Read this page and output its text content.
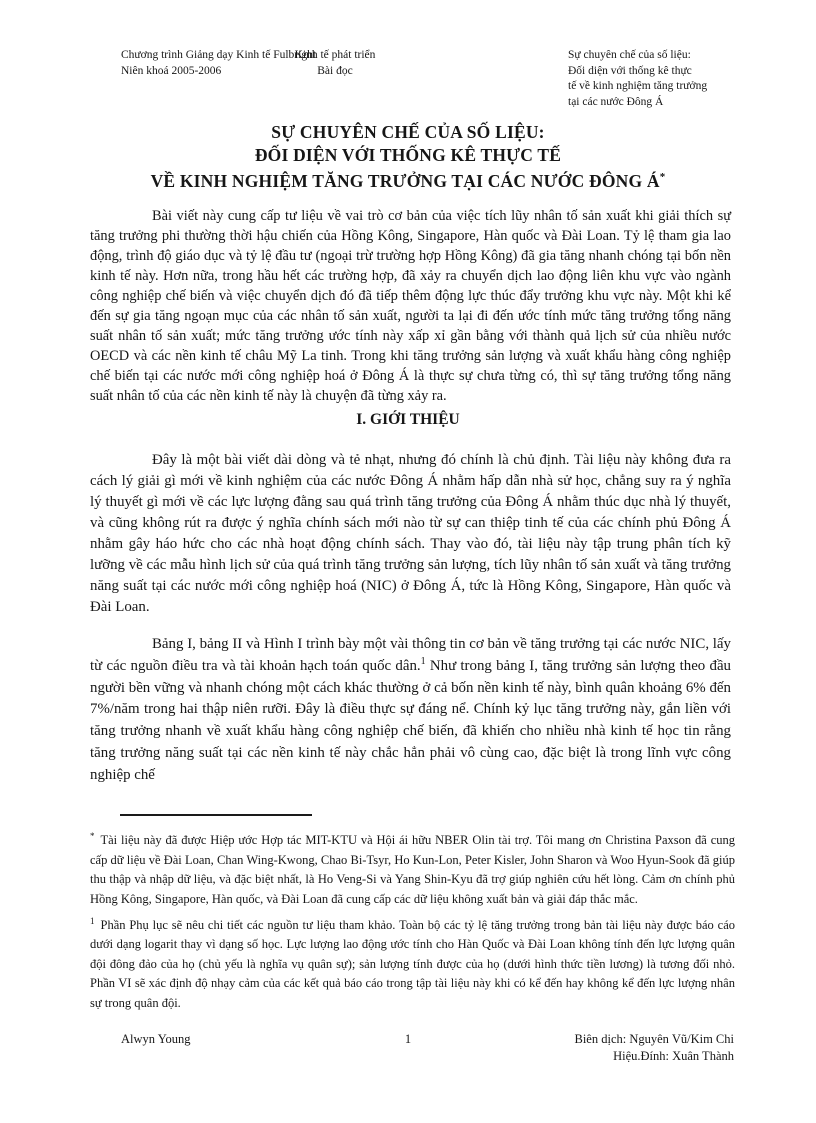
Chương trình Giảng dạy Kinh tế Fulbright
Niên khoá 2005-2006
Kinh tế phát triển
Bài đọc
Sự chuyên chế của số liệu:
Đối diện với thống kê thực
tế về kinh nghiệm tăng trưởng
tại các nước Đông Á
SỰ CHUYÊN CHẾ CỦA SỐ LIỆU:
ĐỐI DIỆN VỚI THỐNG KÊ THỰC TẾ
VỀ KINH NGHIỆM TĂNG TRƯỞNG TẠI CÁC NƯỚC ĐÔNG Á*
Bài viết này cung cấp tư liệu về vai trò cơ bản của việc tích lũy nhân tố sản xuất khi giải thích sự tăng trưởng phi thường thời hậu chiến của Hồng Kông, Singapore, Hàn quốc và Đài Loan. Tỷ lệ tham gia lao động, trình độ giáo dục và tỷ lệ đầu tư (ngoại trừ trường hợp Hồng Kông) đã gia tăng nhanh chóng tại bốn nền kinh tế này. Hơn nữa, trong hầu hết các trường hợp, đã xảy ra chuyển dịch lao động liên khu vực vào ngành công nghiệp chế biến và việc chuyển dịch đó đã tiếp thêm động lực thúc đẩy trưởng khu vực này. Một khi kể đến sự gia tăng ngoạn mục của các nhân tố sản xuất, người ta lại đi đến ước tính mức tăng trưởng tổng năng suất nhân tố sản xuất; mức tăng trưởng ước tính này xấp xỉ gần bằng với thành quả lịch sử của nhiều nước OECD và các nền kinh tế châu Mỹ La tinh. Trong khi tăng trưởng sản lượng và xuất khẩu hàng công nghiệp chế biến tại các nước mới công nghiệp hoá ở Đông Á là thực sự chưa từng có, thì sự tăng trưởng tổng năng suất nhân tố của các nền kinh tế này là chuyện đã từng xảy ra.
I. GIỚI THIỆU

Đây là một bài viết dài dòng và tẻ nhạt, nhưng đó chính là chủ định. Tài liệu này không đưa ra cách lý giải gì mới về kinh nghiệm của các nước Đông Á nhằm hấp dẫn nhà sử học, chẳng suy ra ý nghĩa lý thuyết gì mới về các lực lượng đằng sau quá trình tăng trưởng của Đông Á nhằm thúc dục nhà lý thuyết, và cũng không rút ra được ý nghĩa chính sách mới nào từ sự can thiệp tinh tế của các chính phủ Đông Á nhằm gây háo hức cho các nhà hoạt động chính sách. Thay vào đó, tài liệu này tập trung phân tích kỹ lưỡng về các mẫu hình lịch sử của quá trình tăng trưởng sản lượng, tích lũy nhân tố sản xuất và tăng trưởng năng suất tại các nước mới công nghiệp hoá (NIC) ở Đông Á, tức là Hồng Kông, Singapore, Hàn quốc và Đài Loan.

Bảng I, bảng II và Hình I trình bày một vài thông tin cơ bản về tăng trưởng tại các nước NIC, lấy từ các nguồn điều tra và tài khoản hạch toán quốc dân.$^1$ Như trong bảng I, tăng trưởng sản lượng theo đầu người bền vững và nhanh chóng một cách khác thường ở cả bốn nền kinh tế này, bình quân khoảng 6% đến 7%/năm trong hai thập niên rưỡi. Đây là điều thực sự đáng nể. Chính kỷ lục tăng trưởng này, gắn liền với tăng trưởng nhanh về xuất khẩu hàng công nghiệp chế biến, đã khiến cho nhiều nhà kinh tế học tin rằng tăng trưởng năng suất tại các nền kinh tế này chắc hẳn phải vô cùng cao, đặc biệt là trong lĩnh vực công nghiệp chế

* Tài liệu này đã được Hiệp ước Hợp tác MIT-KTU và Hội ái hữu NBER Olin tài trợ. Tôi mang ơn Christina Paxson đã cung cấp dữ liệu về Đài Loan, Chan Wing-Kwong, Chao Bi-Tsyr, Ho Kun-Lon, Peter Kisler, John Sharon và Woo Hyun-Sook đã giúp thu thập và nhập dữ liệu, và đặc biệt nhất, là Ho Veng-Si và Yang Shin-Kyu đã trợ giúp nghiên cứu hết lòng. Cảm ơn chính phủ Hồng Kông, Singapore, Hàn quốc, và Đài Loan đã cung cấp các dữ liệu không xuất bản và giải đáp thắc mắc.

$^1$ Phần Phụ lục sẽ nêu chi tiết các nguồn tư liệu tham khảo. Toàn bộ các tỷ lệ tăng trưởng trong bản tài liệu này được báo cáo dưới dạng logarit thay vì dạng số học. Lực lượng lao động ước tính cho Hàn Quốc và Đài Loan không tính đến lực lượng quân đội đông đảo của họ (chủ yếu là nghĩa vụ quân sự); sản lượng tính được của họ (dưới hình thức tiền lương) là tương đối nhỏ. Phần VI sẽ xác định độ nhạy cảm của các kết quả báo cáo trong tập tài liệu này khi có kể đến hay không kể đến lực lượng nhân sự trong quân đội.

1
Alwyn Young	Biên dịch: Nguyên Vũ/Kim Chi
Hiệu.Đính: Xuân Thành
